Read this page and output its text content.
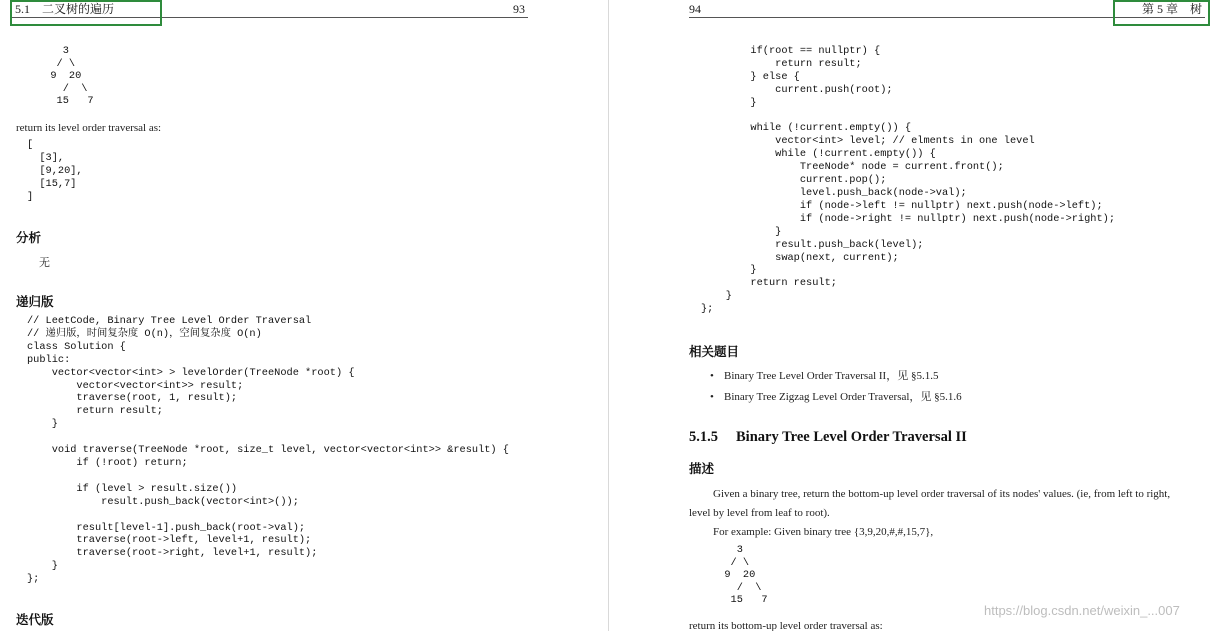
5.1　二叉树的遍历	93
3
/ \
9  20
/  \
15   7
return its level order traversal as:
[
[3],
[9,20],
[15,7]
]
分析
无
递归版
// LeetCode, Binary Tree Level Order Traversal
// 递归版，时间复杂度 O(n)，空间复杂度 O(n)
class Solution {
public:
vector<vector<int> > levelOrder(TreeNode *root) {
vector<vector<int>> result;
traverse(root, 1, result);
return result;
}

void traverse(TreeNode *root, size_t level, vector<vector<int>> &result) {
if (!root) return;

if (level > result.size())
result.push_back(vector<int>());

result[level-1].push_back(root->val);
traverse(root->left, level+1, result);
traverse(root->right, level+1, result);
}
};
迭代版
94	第 5 章　树
if(root == nullptr) {
return result;
} else {
current.push(root);
}

while (!current.empty()) {
vector<int> level; // elments in one level
while (!current.empty()) {
TreeNode* node = current.front();
current.pop();
level.push_back(node->val);
if (node->left != nullptr) next.push(node->left);
if (node->right != nullptr) next.push(node->right);
}
result.push_back(level);
swap(next, current);
}
return result;
}
};
相关题目
• Binary Tree Level Order Traversal II，见 §5.1.5
• Binary Tree Zigzag Level Order Traversal，见 §5.1.6
5.1.5 Binary Tree Level Order Traversal II
描述
Given a binary tree, return the bottom-up level order traversal of its nodes' values. (ie, from left to right,
level by level from leaf to root).
For example: Given binary tree {3,9,20,#,#,15,7},
3
/ \
9  20
/  \
15   7
return its bottom-up level order traversal as:
https://blog.csdn.net/weixin_...007
